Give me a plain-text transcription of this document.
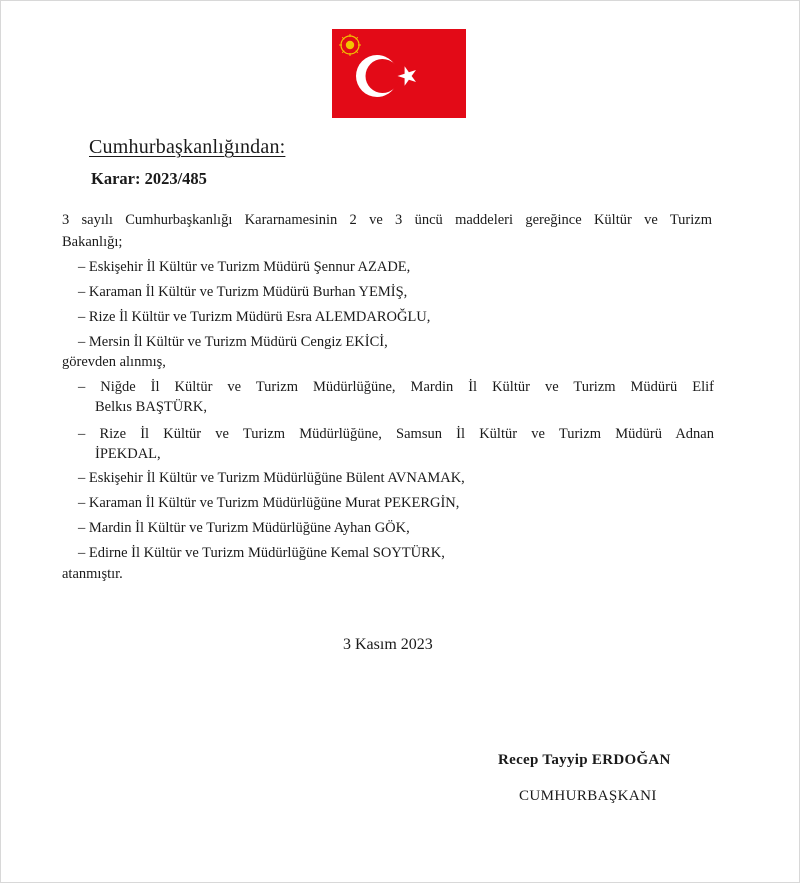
Cumhurbaşkanlığından:
Karar: 2023/485
3 sayılı Cumhurbaşkanlığı Kararnamesinin 2 ve 3 üncü maddeleri gereğince Kültür ve Turizm
Bakanlığı;
– Eskişehir İl Kültür ve Turizm Müdürü Şennur AZADE,
– Karaman İl Kültür ve Turizm Müdürü Burhan YEMİŞ,
– Rize İl Kültür ve Turizm Müdürü Esra ALEMDAROĞLU,
– Mersin İl Kültür ve Turizm Müdürü Cengiz EKİCİ,
görevden alınmış,
– Niğde İl Kültür ve Turizm Müdürlüğüne, Mardin İl Kültür ve Turizm Müdürü Elif
Belkıs BAŞTÜRK,
– Rize İl Kültür ve Turizm Müdürlüğüne, Samsun İl Kültür ve Turizm Müdürü Adnan
İPEKDAL,
– Eskişehir İl Kültür ve Turizm Müdürlüğüne Bülent AVNAMAK,
– Karaman İl Kültür ve Turizm Müdürlüğüne Murat PEKERGİN,
– Mardin İl Kültür ve Turizm Müdürlüğüne Ayhan GÖK,
– Edirne İl Kültür ve Turizm Müdürlüğüne Kemal SOYTÜRK,
atanmıştır.
3 Kasım 2023
Recep Tayyip ERDOĞAN
CUMHURBAŞKANI
